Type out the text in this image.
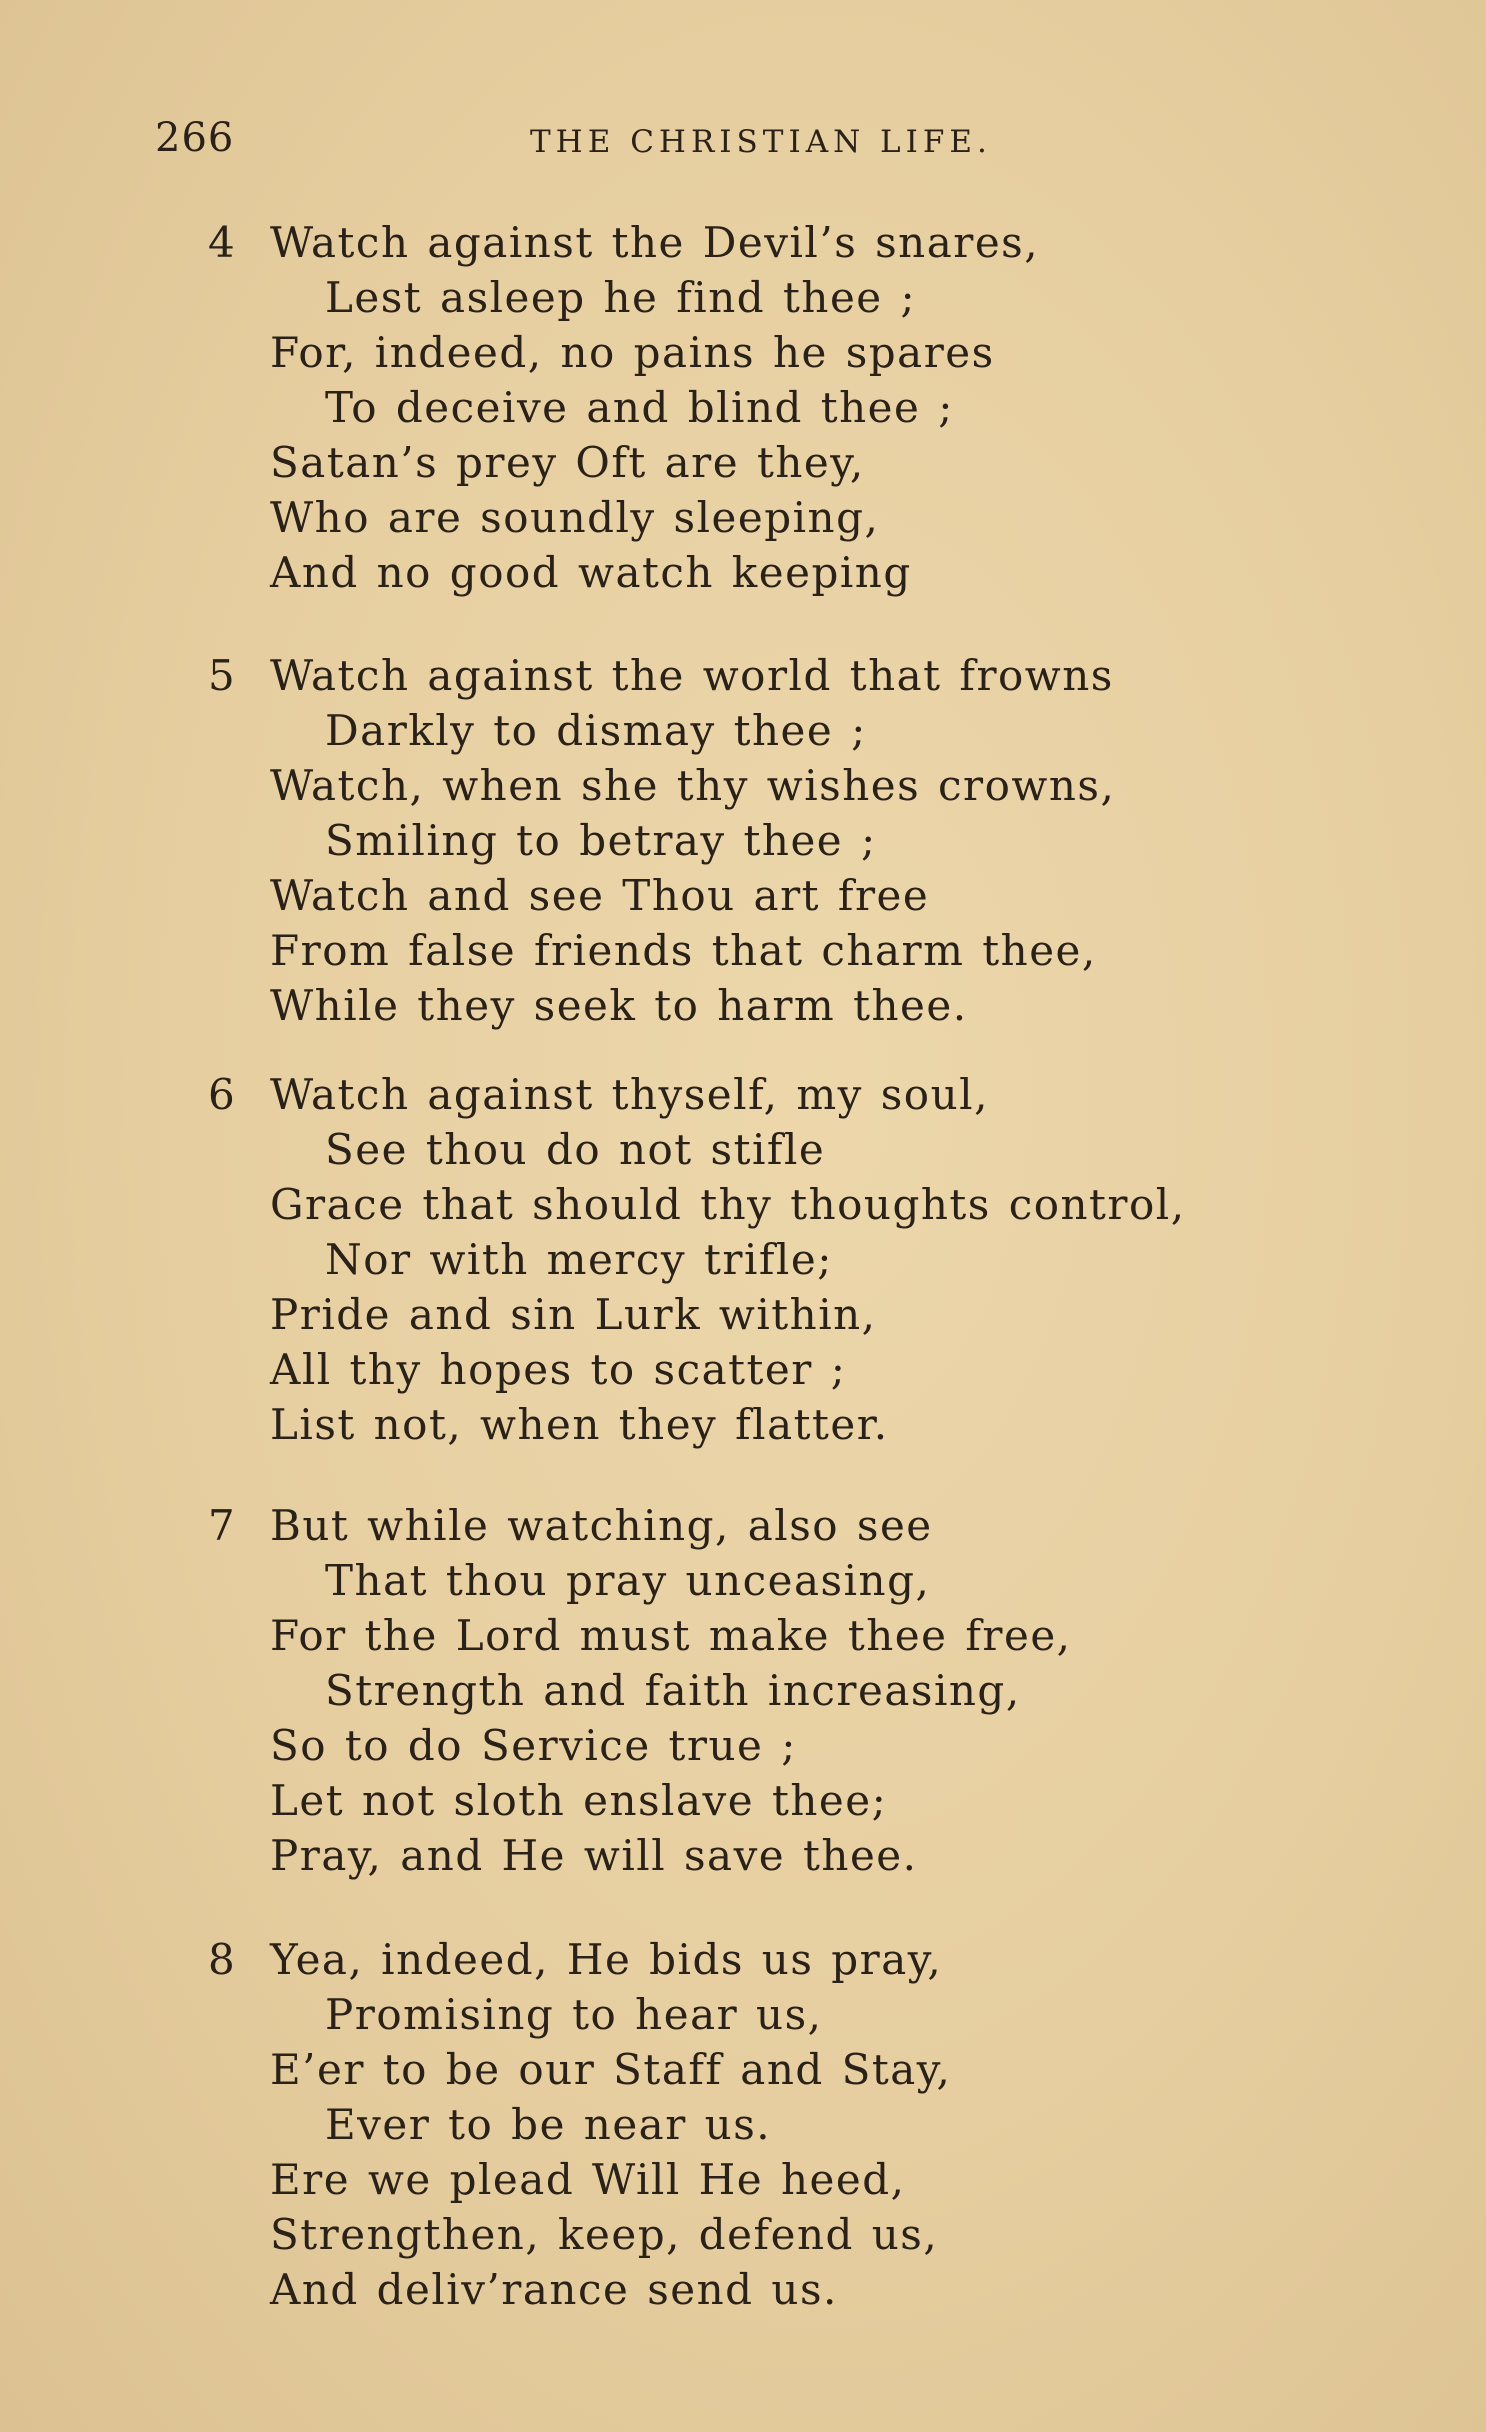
266	THE CHRISTIAN LIFE.
4 Watch against the Devil’s snares,
Lest asleep he find thee ;
For, indeed, no pains he spares
To deceive and blind thee ;
Satan’s prey Oft are they,
Who are soundly sleeping,
And no good watch keeping
5 Watch against the world that frowns
Darkly to dismay thee ;
Watch, when she thy wishes crowns,
Smiling to betray thee ;
Watch and see Thou art free
From false friends that charm thee,
While they seek to harm thee.
6 Watch against thyself, my soul,
See thou do not stifle
Grace that should thy thoughts control,
Nor with mercy trifle;
Pride and sin Lurk within,
All thy hopes to scatter ;
List not, when they flatter.
7 But while watching, also see
That thou pray unceasing,
For the Lord must make thee free,
Strength and faith increasing,
So to do Service true ;
Let not sloth enslave thee;
Pray, and He will save thee.
8 Yea, indeed, He bids us pray,
Promising to hear us,
E’er to be our Staff and Stay,
Ever to be near us.
Ere we plead Will He heed,
Strengthen, keep, defend us,
And deliv’rance send us.
